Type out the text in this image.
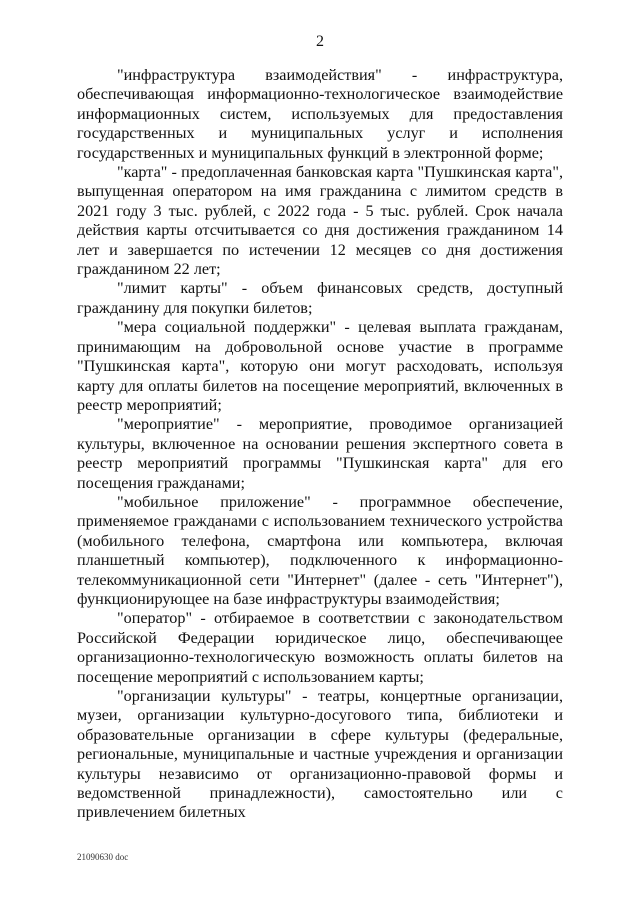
2

"инфраструктура взаимодействия" - инфраструктура, обеспечивающая информационно-технологическое взаимодействие информационных систем, используемых для предоставления государственных и муниципальных услуг и исполнения государственных и муниципальных функций в электронной форме;

"карта" - предоплаченная банковская карта "Пушкинская карта", выпущенная оператором на имя гражданина с лимитом средств в 2021 году 3 тыс. рублей, с 2022 года - 5 тыс. рублей. Срок начала действия карты отсчитывается со дня достижения гражданином 14 лет и завершается по истечении 12 месяцев со дня достижения гражданином 22 лет;

"лимит карты" - объем финансовых средств, доступный гражданину для покупки билетов;

"мера социальной поддержки" - целевая выплата гражданам, принимающим на добровольной основе участие в программе "Пушкинская карта", которую они могут расходовать, используя карту для оплаты билетов на посещение мероприятий, включенных в реестр мероприятий;

"мероприятие" - мероприятие, проводимое организацией культуры, включенное на основании решения экспертного совета в реестр мероприятий программы "Пушкинская карта" для его посещения гражданами;

"мобильное приложение" - программное обеспечение, применяемое гражданами с использованием технического устройства (мобильного телефона, смартфона или компьютера, включая планшетный компьютер), подключенного к информационно-телекоммуникационной сети "Интернет" (далее - сеть "Интернет"), функционирующее на базе инфраструктуры взаимодействия;

"оператор" - отбираемое в соответствии с законодательством Российской Федерации юридическое лицо, обеспечивающее организационно-технологическую возможность оплаты билетов на посещение мероприятий с использованием карты;

"организации культуры" - театры, концертные организации, музеи, организации культурно-досугового типа, библиотеки и образовательные организации в сфере культуры (федеральные, региональные, муниципальные и частные учреждения и организации культуры независимо от организационно-правовой формы и ведомственной принадлежности), самостоятельно или с привлечением билетных

21090630 doc
